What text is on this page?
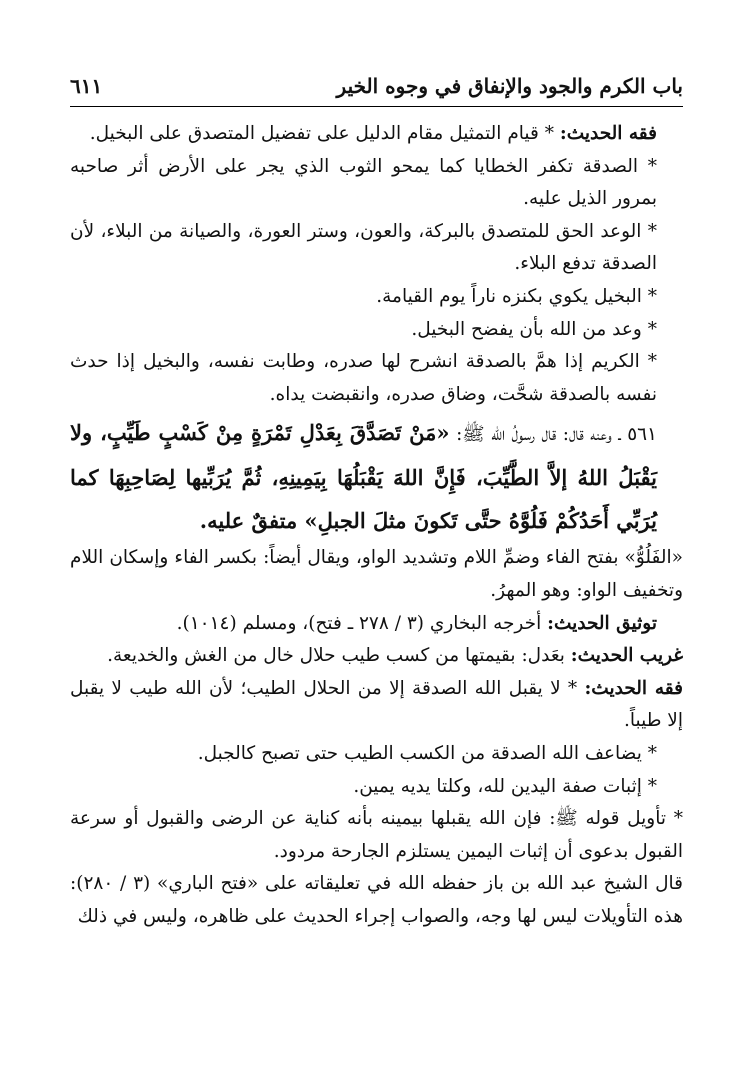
باب الكرم والجود والإنفاق في وجوه الخير
٦١١

فقه الحديث: * قيام التمثيل مقام الدليل على تفضيل المتصدق على البخيل.

* الصدقة تكفر الخطايا كما يمحو الثوب الذي يجر على الأرض أثر صاحبه بمرور الذيل عليه.

* الوعد الحق للمتصدق بالبركة، والعون، وستر العورة، والصيانة من البلاء، لأن الصدقة تدفع البلاء.

* البخيل يكوي بكنزه ناراً يوم القيامة.

* وعد من الله بأن يفضح البخيل.

* الكريم إذا همَّ بالصدقة انشرح لها صدره، وطابت نفسه، والبخيل إذا حدث نفسه بالصدقة شحَّت، وضاق صدره، وانقبضت يداه.

٥٦١ ـ وعنه قال: قال رسولُ الله ﷺ: «مَنْ تَصَدَّقَ بِعَدْلِ تَمْرَةٍ مِنْ كَسْبٍ طَيِّبٍ، ولا يَقْبَلُ اللهُ إلاَّ الطَّيِّبَ، فَإِنَّ اللهَ يَقْبَلُهَا بِيَمِينِهِ، ثُمَّ يُرَبِّيها لِصَاحِبِهَا كما يُرَبِّي أَحَدُكُمْ فَلُوَّهُ حتَّى تَكونَ مثلَ الجبلِ» متفقٌ عليه.

«الفَلُوُّ» بفتح الفاء وضمِّ اللام وتشديد الواو، ويقال أيضاً: بكسر الفاء وإسكان اللام وتخفيف الواو: وهو المهرُ.

توثيق الحديث: أخرجه البخاري (٣ / ٢٧٨ ـ فتح)، ومسلم (١٠١٤).

غريب الحديث: بعَدل: بقيمتها من كسب طيب حلال خال من الغش والخديعة.

فقه الحديث: * لا يقبل الله الصدقة إلا من الحلال الطيب؛ لأن الله طيب لا يقبل إلا طيباً.

* يضاعف الله الصدقة من الكسب الطيب حتى تصبح كالجبل.

* إثبات صفة اليدين لله، وكلتا يديه يمين.

* تأويل قوله ﷺ: فإن الله يقبلها بيمينه بأنه كناية عن الرضى والقبول أو سرعة القبول بدعوى أن إثبات اليمين يستلزم الجارحة مردود.

قال الشيخ عبد الله بن باز حفظه الله في تعليقاته على «فتح الباري» (٣ / ٢٨٠): هذه التأويلات ليس لها وجه، والصواب إجراء الحديث على ظاهره، وليس في ذلك
